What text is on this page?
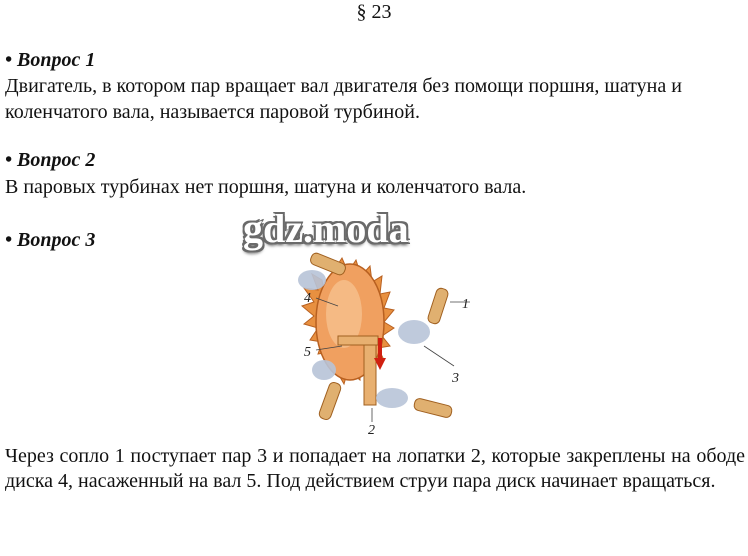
§ 23
• Вопрос 1
Двигатель, в котором пар вращает вал двигателя без помощи поршня, шатуна и коленчатого вала, называется паровой турбиной.
• Вопрос 2
В паровых турбинах нет поршня, шатуна и коленчатого вала.
• Вопрос 3	gdz.moda
4	1
3
5
2
Через сопло 1 поступает пар 3 и попадает на лопатки 2, которые закреплены на ободе диска 4, насаженный на вал 5. Под действием струи пара диск начинает вращаться.
